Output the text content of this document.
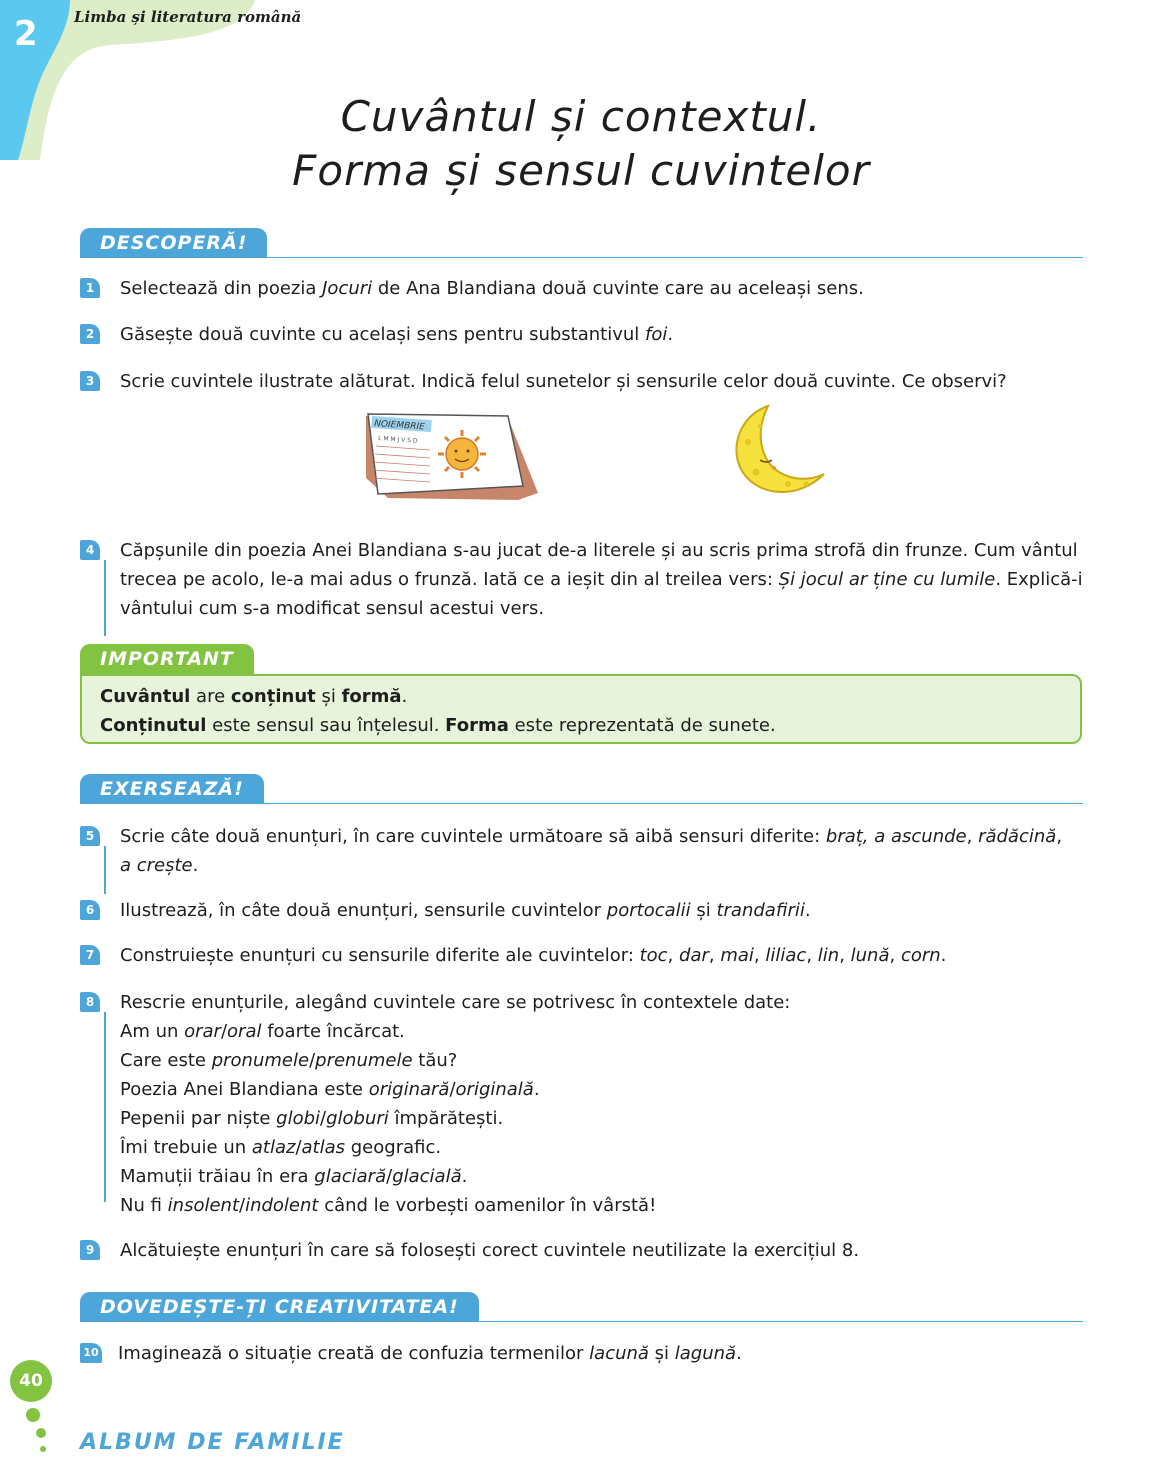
2 Limba și literatura română
Cuvântul și contextul.
Forma și sensul cuvintelor
DESCOPERĂ!
1	Selectează din poezia Jocuri de Ana Blandiana două cuvinte care au aceleași sens.
2	Găsește două cuvinte cu același sens pentru substantivul foi.
3	Scrie cuvintele ilustrate alăturat. Indică felul sunetelor și sensurile celor două cuvinte. Ce observi?
NOIEMBRIE
L M M J V S D
4	Căpșunile din poezia Anei Blandiana s-au jucat de-a literele și au scris prima strofă din frunze. Cum vântul trecea pe acolo, le-a mai adus o frunză. Iată ce a ieșit din al treilea vers: Și jocul ar ține cu lumile. Explică-i vântului cum s-a modificat sensul acestui vers.
IMPORTANT

Cuvântul are conținut și formă.

Conținutul este sensul sau înțelesul. Forma este reprezentată de sunete.

EXERSEAZĂ!
5	Scrie câte două enunțuri, în care cuvintele următoare să aibă sensuri diferite: braț, a ascunde, rădăcină,
a crește.
6	Ilustrează, în câte două enunțuri, sensurile cuvintelor portocalii și trandafirii.
7	Construiește enunțuri cu sensurile diferite ale cuvintelor: toc, dar, mai, liliac, lin, lună, corn.
8	Rescrie enunțurile, alegând cuvintele care se potrivesc în contextele date:

Am un orar/oral foarte încărcat.

Care este pronumele/prenumele tău?

Poezia Anei Blandiana este originară/originală.

Pepenii par niște globi/globuri împărătești.

Îmi trebuie un atlaz/atlas geografic.

Mamuții trăiau în era glaciară/glacială.

Nu fi insolent/indolent când le vorbești oamenilor în vârstă!

9	Alcătuiește enunțuri în care să folosești corect cuvintele neutilizate la exercițiul 8.
DOVEDEȘTE-ȚI CREATIVITATEA!
10 Imaginează o situație creată de confuzia termenilor lacună și lagună.
40
ALBUM DE FAMILIE
